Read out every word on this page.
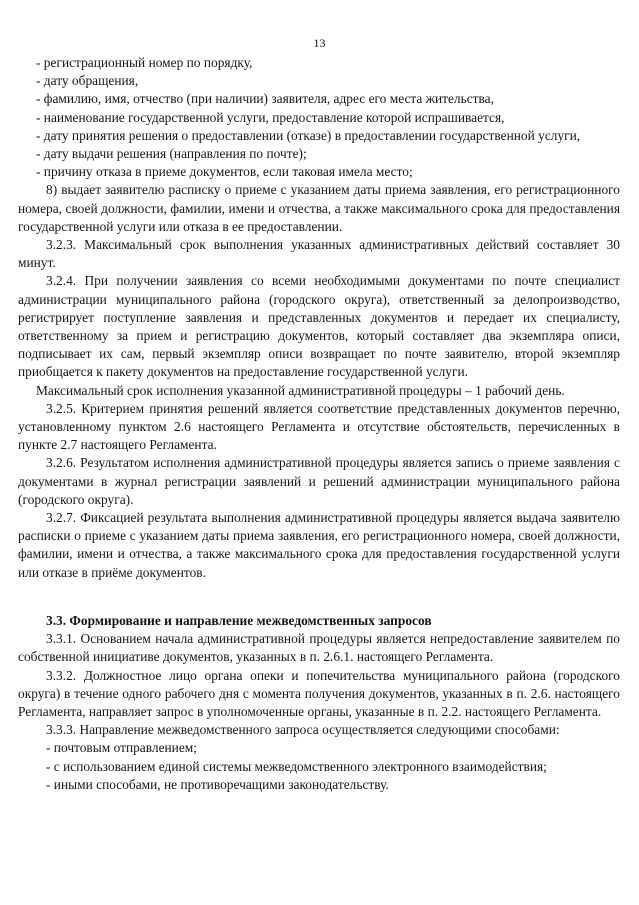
13

- регистрационный номер по порядку,

- дату обращения,

- фамилию, имя, отчество (при наличии) заявителя, адрес его места жительства,

- наименование государственной услуги, предоставление которой испрашивается,

- дату принятия решения о предоставлении (отказе) в предоставлении государственной услуги,

- дату выдачи решения (направления по почте);

- причину отказа в приеме документов, если таковая имела место;

8) выдает заявителю расписку о приеме с указанием даты приема заявления, его регистрационного номера, своей должности, фамилии, имени и отчества, а также максимального срока для предоставления государственной услуги или отказа в ее предоставлении.

3.2.3. Максимальный срок выполнения указанных административных действий составляет 30 минут.

3.2.4. При получении заявления со всеми необходимыми документами по почте специалист администрации муниципального района (городского округа), ответственный за делопроизводство, регистрирует поступление заявления и представленных документов и передает их специалисту, ответственному за прием и регистрацию документов, который составляет два экземпляра описи, подписывает их сам, первый экземпляр описи возвращает по почте заявителю, второй экземпляр приобщается к пакету документов на предоставление государственной услуги.

Максимальный срок исполнения указанной административной процедуры – 1 рабочий день.

3.2.5. Критерием принятия решений является соответствие представленных документов перечню, установленному пунктом 2.6 настоящего Регламента и отсутствие обстоятельств, перечисленных в пункте 2.7 настоящего Регламента.

3.2.6. Результатом исполнения административной процедуры является запись о приеме заявления с документами в журнал регистрации заявлений и решений администрации муниципального района (городского округа).

3.2.7. Фиксацией результата выполнения административной процедуры является выдача заявителю расписки о приеме с указанием даты приема заявления, его регистрационного номера, своей должности, фамилии, имени и отчества, а также максимального срока для предоставления государственной услуги или отказе в приёме документов.

3.3. Формирование и направление межведомственных запросов

3.3.1. Основанием начала административной процедуры является непредоставление заявителем по собственной инициативе документов, указанных в п. 2.6.1. настоящего Регламента.

3.3.2. Должностное лицо органа опеки и попечительства муниципального района (городского округа) в течение одного рабочего дня с момента получения документов, указанных в п. 2.6. настоящего Регламента, направляет запрос в уполномоченные органы, указанные в п. 2.2. настоящего Регламента.

3.3.3. Направление межведомственного запроса осуществляется следующими способами:

- почтовым отправлением;

- с использованием единой системы межведомственного электронного взаимодействия;

- иными способами, не противоречащими законодательству.
